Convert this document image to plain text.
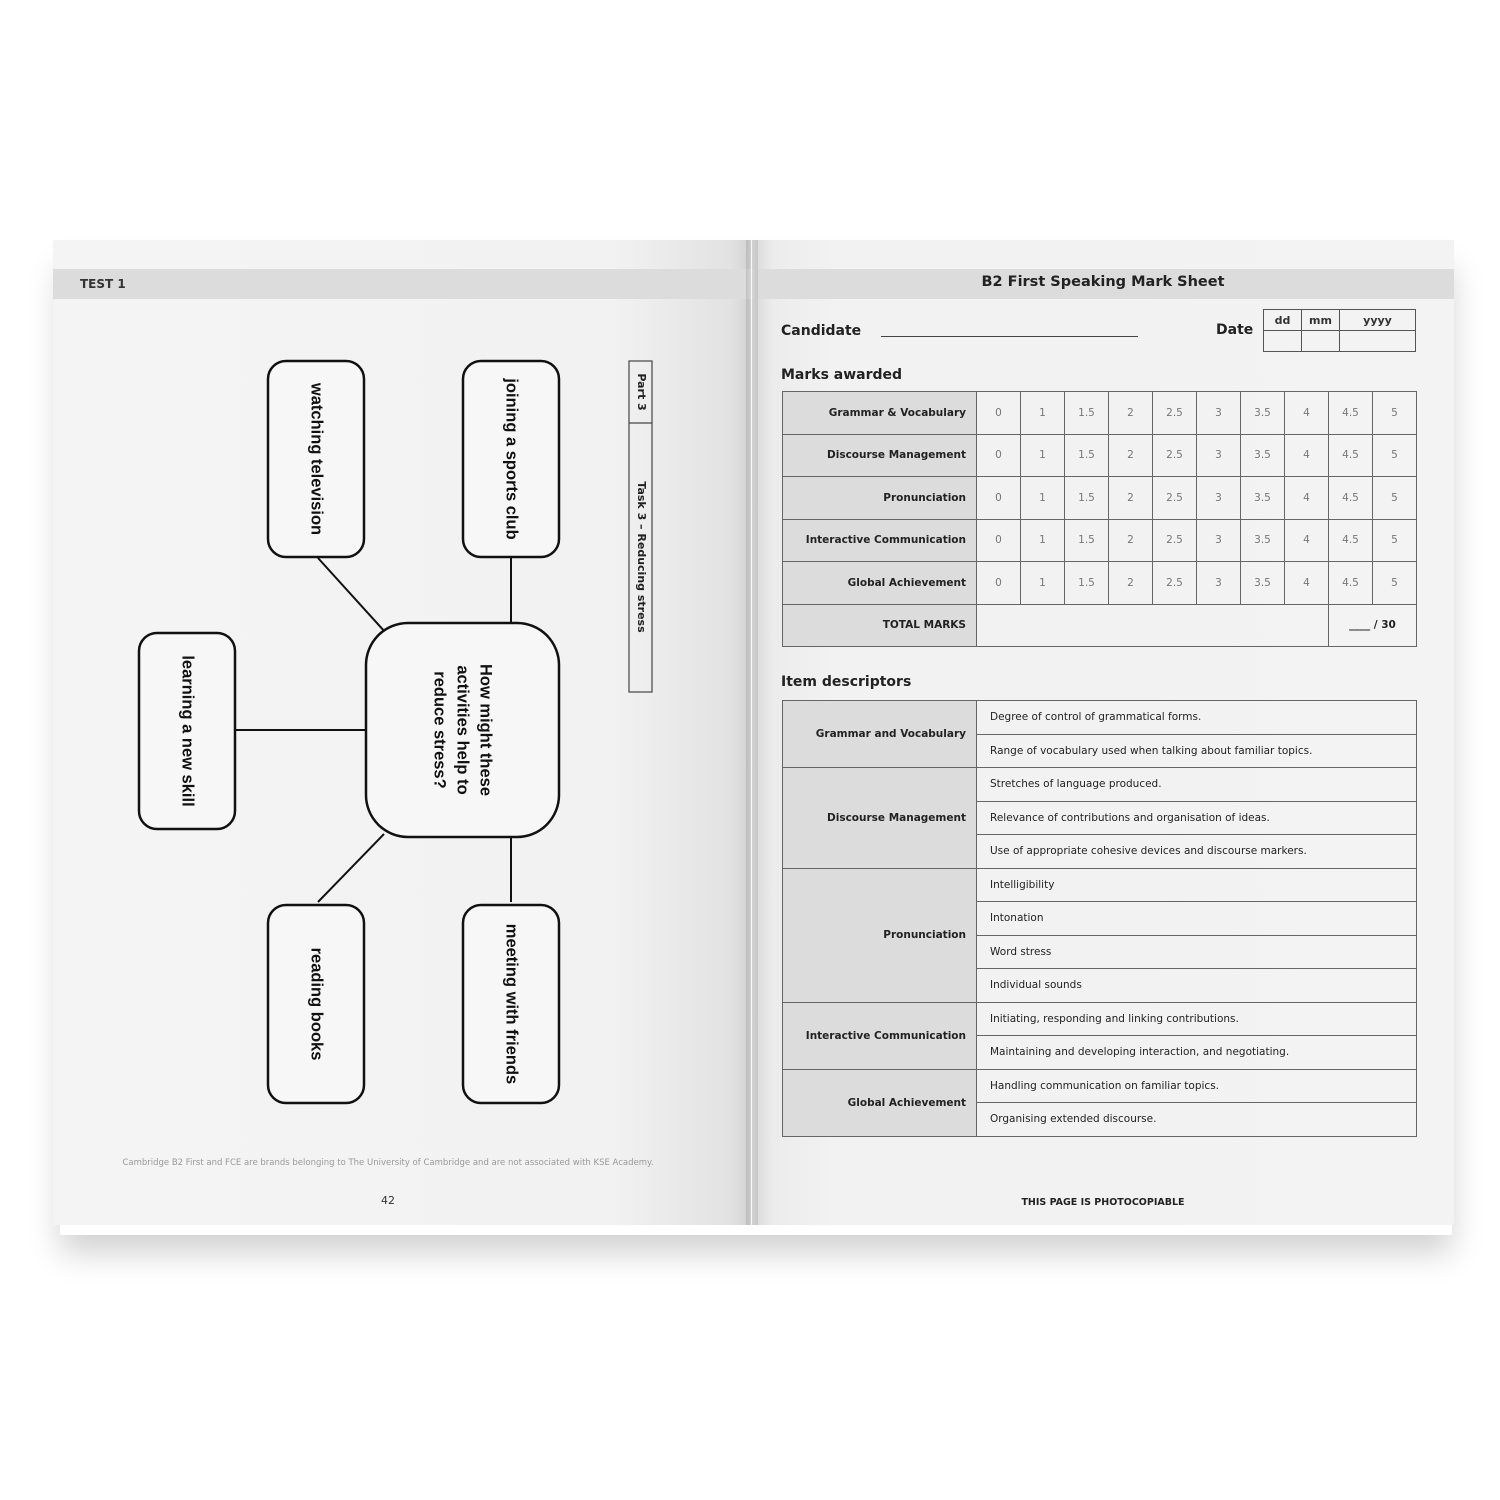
TEST 1
watching television	joining a sports club
learning a new skill
reading books	meeting with friends
How might these
activities help to
reduce stress?
Part 3
Task 3 – Reducing stress
Cambridge B2 First and FCE are brands belonging to The University of Cambridge and are not associated with KSE Academy.
42
B2 First Speaking Mark Sheet
Candidate	Date
dd	mm	yyyy

Marks awarded
Grammar & Vocabulary	0	1	1.5	2	2.5	3	3.5	4	4.5	5
Discourse Management	0	1	1.5	2	2.5	3	3.5	4	4.5	5
Pronunciation	0	1	1.5	2	2.5	3	3.5	4	4.5	5
Interactive Communication	0	1	1.5	2	2.5	3	3.5	4	4.5	5
Global Achievement	0	1	1.5	2	2.5	3	3.5	4	4.5	5
TOTAL MARKS									____ / 30	
Item descriptors
Grammar and Vocabulary	Degree of control of grammatical forms.
	Range of vocabulary used when talking about familiar topics.
Discourse Management	Stretches of language produced.
	Relevance of contributions and organisation of ideas.
	Use of appropriate cohesive devices and discourse markers.
Pronunciation	Intelligibility
	Intonation
	Word stress
	Individual sounds
Interactive Communication	Initiating, responding and linking contributions.
	Maintaining and developing interaction, and negotiating.
Global Achievement	Handling communication on familiar topics.
	Organising extended discourse.
THIS PAGE IS PHOTOCOPIABLE
